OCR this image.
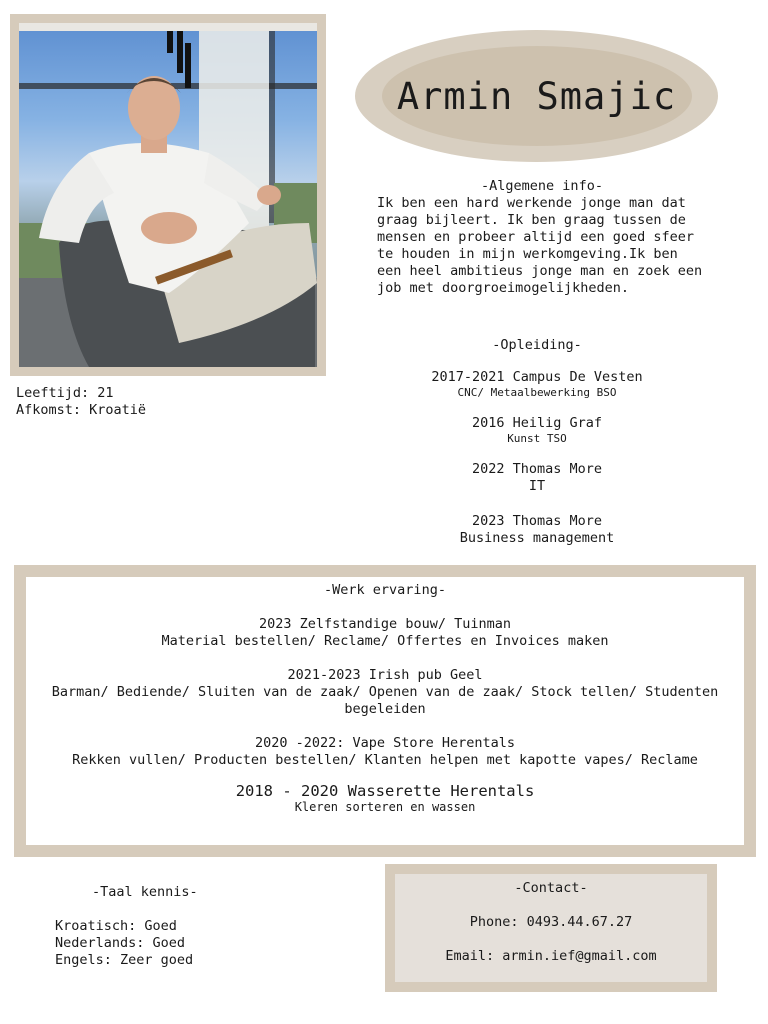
Leeftijd: 21
Afkomst: Kroatië
Armin Smajic
-Algemene info-
Ik ben een hard werkende jonge man dat graag bijleert. Ik ben graag tussen de mensen en probeer altijd een goed sfeer te houden in mijn werkomgeving.Ik ben een heel ambitieus jonge man en zoek een job met doorgroeimogelijkheden.
-Opleiding-
2017-2021 Campus De Vesten
CNC/ Metaalbewerking BSO
2016 Heilig Graf
Kunst TSO
2022 Thomas More
IT
2023 Thomas More
Business management
-Werk ervaring-
2023 Zelfstandige bouw/ Tuinman
Material bestellen/ Reclame/ Offertes en Invoices maken
2021-2023 Irish pub Geel
Barman/ Bediende/ Sluiten van de zaak/ Openen van de zaak/ Stock tellen/ Studenten begeleiden
2020 -2022: Vape Store Herentals
Rekken vullen/ Producten bestellen/ Klanten helpen met kapotte vapes/ Reclame
2018 - 2020 Wasserette Herentals
Kleren sorteren en wassen
-Taal kennis-
Kroatisch: Goed
Nederlands: Goed
Engels: Zeer goed
-Contact-
Phone: 0493.44.67.27
Email: armin.ief@gmail.com
